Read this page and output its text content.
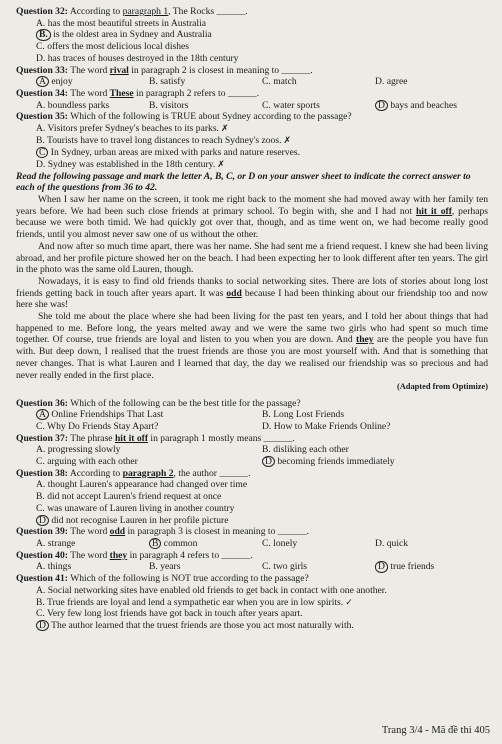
Question 32: According to paragraph 1, The Rocks ______.
A. has the most beautiful streets in Australia
B. is the oldest area in Sydney and Australia
C. offers the most delicious local dishes
D. has traces of houses destroyed in the 18th century
Question 33: The word rival in paragraph 2 is closest in meaning to ______.
A enjoy	B. satisfy	C. match	D. agree
Question 34: The word These in paragraph 2 refers to ______.
A. boundless parks	B. visitors	C. water sports	D bays and beaches
Question 35: Which of the following is TRUE about Sydney according to the passage?
A. Visitors prefer Sydney's beaches to its parks. ✗
B. Tourists have to travel long distances to reach Sydney's zoos. ✗
C In Sydney, urban areas are mixed with parks and nature reserves.
D. Sydney was established in the 18th century. ✗
Read the following passage and mark the letter A, B, C, or D on your answer sheet to indicate the correct answer to each of the questions from 36 to 42.

When I saw her name on the screen, it took me right back to the moment she had moved away with her family ten years before. We had been such close friends at primary school. To begin with, she and I had not hit it off, perhaps because we were both timid. We had quickly got over that, though, and as time went on, we had become really good friends, until you almost never saw one of us without the other.

And now after so much time apart, there was her name. She had sent me a friend request. I knew she had been living abroad, and her profile picture showed her on the beach. I had been expecting her to look different after ten years. The girl in the photo was the same old Lauren, though.

Nowadays, it is easy to find old friends thanks to social networking sites. There are lots of stories about long lost friends getting back in touch after years apart. It was odd because I had been thinking about our friendship too and now here she was!

She told me about the place where she had been living for the past ten years, and I told her about things that had happened to me. Before long, the years melted away and we were the same two girls who had spent so much time together. Of course, true friends are loyal and listen to you when you are down. And they are the people you have fun with. But deep down, I realised that the truest friends are those you are most yourself with. And that is something that never changes. That is what Lauren and I learned that day, the day we realised our friendship was so precious and had never really ended in the first place.

(Adapted from Optimize)
Question 36: Which of the following can be the best title for the passage?
A Online Friendships That Last	B. Long Lost Friends
C. Why Do Friends Stay Apart?	D. How to Make Friends Online?
Question 37: The phrase hit it off in paragraph 1 mostly means ______.
A. progressing slowly	B. disliking each other
C. arguing with each other	D becoming friends immediately
Question 38: According to paragraph 2, the author ______.
A. thought Lauren's appearance had changed over time
B. did not accept Lauren's friend request at once
C. was unaware of Lauren living in another country
D did not recognise Lauren in her profile picture
Question 39: The word odd in paragraph 3 is closest in meaning to ______.
A. strange	B common	C. lonely	D. quick
Question 40: The word they in paragraph 4 refers to ______.
A. things	B. years	C. two girls	D true friends
Question 41: Which of the following is NOT true according to the passage?
A. Social networking sites have enabled old friends to get back in contact with one another.
B. True friends are loyal and lend a sympathetic ear when you are in low spirits. ✓
C. Very few long lost friends have got back in touch after years apart.
D The author learned that the truest friends are those you act most naturally with.
Trang 3/4 - Mã đề thi 405
